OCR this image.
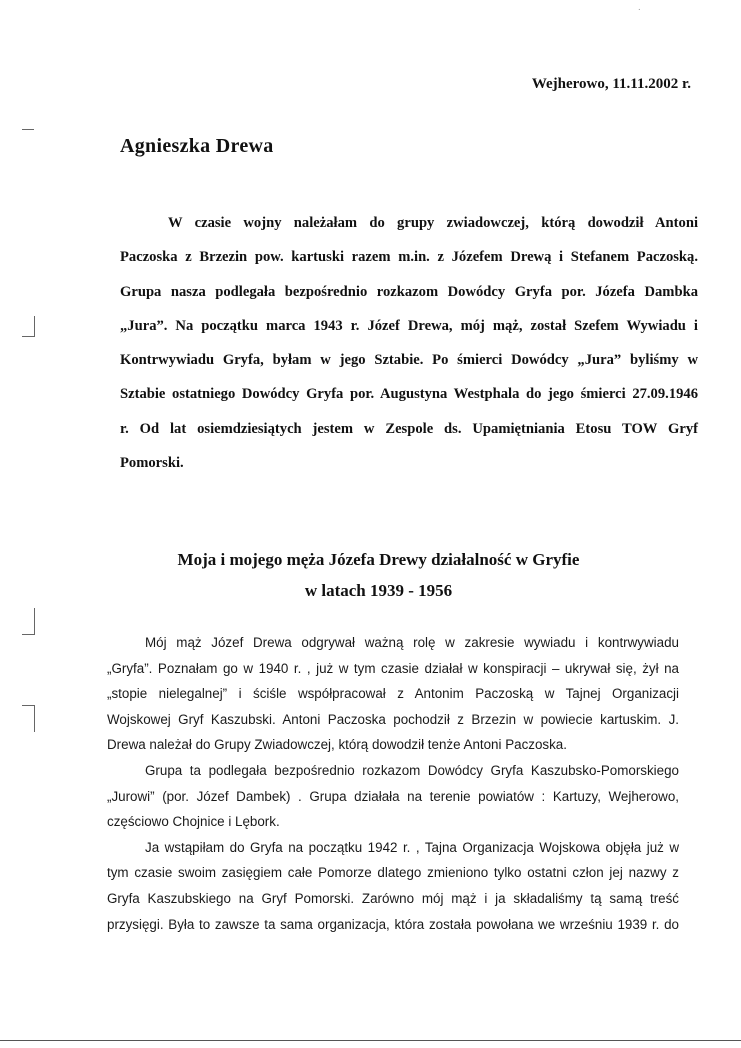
˙
Wejherowo, 11.11.2002 r.
Agnieszka Drewa

W czasie wojny należałam do grupy zwiadowczej, którą dowodził Antoni

Paczoska z Brzezin pow. kartuski razem m.in. z Józefem Drewą i Stefanem Paczoską.

Grupa nasza podlegała bezpośrednio rozkazom Dowódcy Gryfa por. Józefa Dambka

„Jura”. Na początku marca 1943 r. Józef Drewa, mój mąż, został Szefem Wywiadu i

Kontrwywiadu Gryfa, byłam w jego Sztabie. Po śmierci Dowódcy „Jura” byliśmy w

Sztabie ostatniego Dowódcy Gryfa por. Augustyna Westphala do jego śmierci 27.09.1946

r. Od lat osiemdziesiątych jestem w Zespole ds. Upamiętniania Etosu TOW Gryf

Pomorski.

Moja i mojego męża Józefa Drewy działalność w Gryfie
w latach 1939 - 1956

Mój mąż Józef Drewa odgrywał ważną rolę w zakresie wywiadu i kontrwywiadu

„Gryfa”. Poznałam go w 1940 r. , już w tym czasie działał w konspiracji – ukrywał się, żył na

„stopie nielegalnej” i ściśle współpracował z Antonim Paczoską w Tajnej Organizacji

Wojskowej Gryf Kaszubski. Antoni Paczoska pochodził z Brzezin w powiecie kartuskim. J.

Drewa należał do Grupy Zwiadowczej, którą dowodził tenże Antoni Paczoska.

Grupa ta podlegała bezpośrednio rozkazom Dowódcy Gryfa Kaszubsko-Pomorskiego

„Jurowi” (por. Józef Dambek) . Grupa działała na terenie powiatów : Kartuzy, Wejherowo,

częściowo Chojnice i Lębork.

Ja wstąpiłam do Gryfa na początku 1942 r. , Tajna Organizacja Wojskowa objęła już w

tym czasie swoim zasięgiem całe Pomorze dlatego zmieniono tylko ostatni człon jej nazwy z

Gryfa Kaszubskiego na Gryf Pomorski. Zarówno mój mąż i ja składaliśmy tą samą treść

przysięgi. Była to zawsze ta sama organizacja, która została powołana we wrześniu 1939 r. do
